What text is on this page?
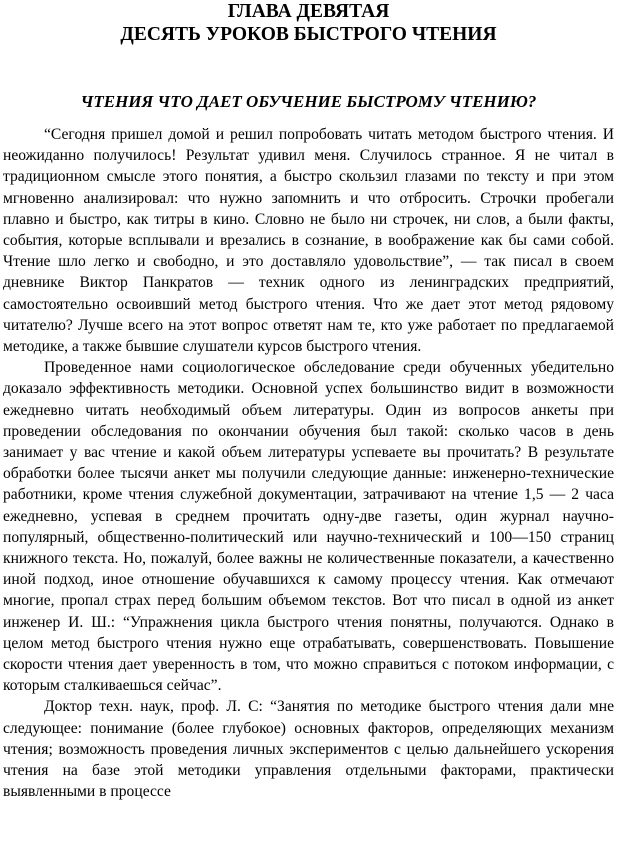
ГЛАВА ДЕВЯТАЯ
ДЕСЯТЬ УРОКОВ БЫСТРОГО ЧТЕНИЯ
ЧТЕНИЯ ЧТО ДАЕТ ОБУЧЕНИЕ БЫСТРОМУ ЧТЕНИЮ?

“Сегодня пришел домой и решил попробовать читать методом быстрого чтения. И неожиданно получилось! Результат удивил меня. Случилось странное. Я не читал в традиционном смысле этого понятия, а быстро скользил глазами по тексту и при этом мгновенно анализировал: что нужно запомнить и что отбросить. Строчки пробегали плавно и быстро, как титры в кино. Словно не было ни строчек, ни слов, а были факты, события, которые всплывали и врезались в сознание, в воображение как бы сами собой. Чтение шло легко и свободно, и это доставляло удовольствие”, — так писал в своем дневнике Виктор Панкратов — техник одного из ленинградских предприятий, самостоятельно освоивший метод быстрого чтения. Что же дает этот метод рядовому читателю? Лучше всего на этот вопрос ответят нам те, кто уже работает по предлагаемой методике, а также бывшие слушатели курсов быстрого чтения.

Проведенное нами социологическое обследование среди обученных убедительно доказало эффективность методики. Основной успех большинство видит в возможности ежедневно читать необходимый объем литературы. Один из вопросов анкеты при проведении обследования по окончании обучения был такой: сколько часов в день занимает у вас чтение и какой объем литературы успеваете вы прочитать? В результате обработки более тысячи анкет мы получили следующие данные: инженерно-технические работники, кроме чтения служебной документации, затрачивают на чтение 1,5 — 2 часа ежедневно, успевая в среднем прочитать одну-две газеты, один журнал научно-популярный, общественно-политический или научно-технический и 100—150 страниц книжного текста. Но, пожалуй, более важны не количественные показатели, а качественно иной подход, иное отношение обучавшихся к самому процессу чтения. Как отмечают многие, пропал страх перед большим объемом текстов. Вот что писал в одной из анкет инженер И. Ш.: “Упражнения цикла быстрого чтения понятны, получаются. Однако в целом метод быстрого чтения нужно еще отрабатывать, совершенствовать. Повышение скорости чтения дает уверенность в том, что можно справиться с потоком информации, с которым сталкиваешься сейчас”.

Доктор техн. наук, проф. Л. С: “Занятия по методике быстрого чтения дали мне следующее: понимание (более глубокое) основных факторов, определяющих механизм чтения; возможность проведения личных экспериментов с целью дальнейшего ускорения чтения на базе этой методики управления отдельными факторами, практически выявленными в процессе
